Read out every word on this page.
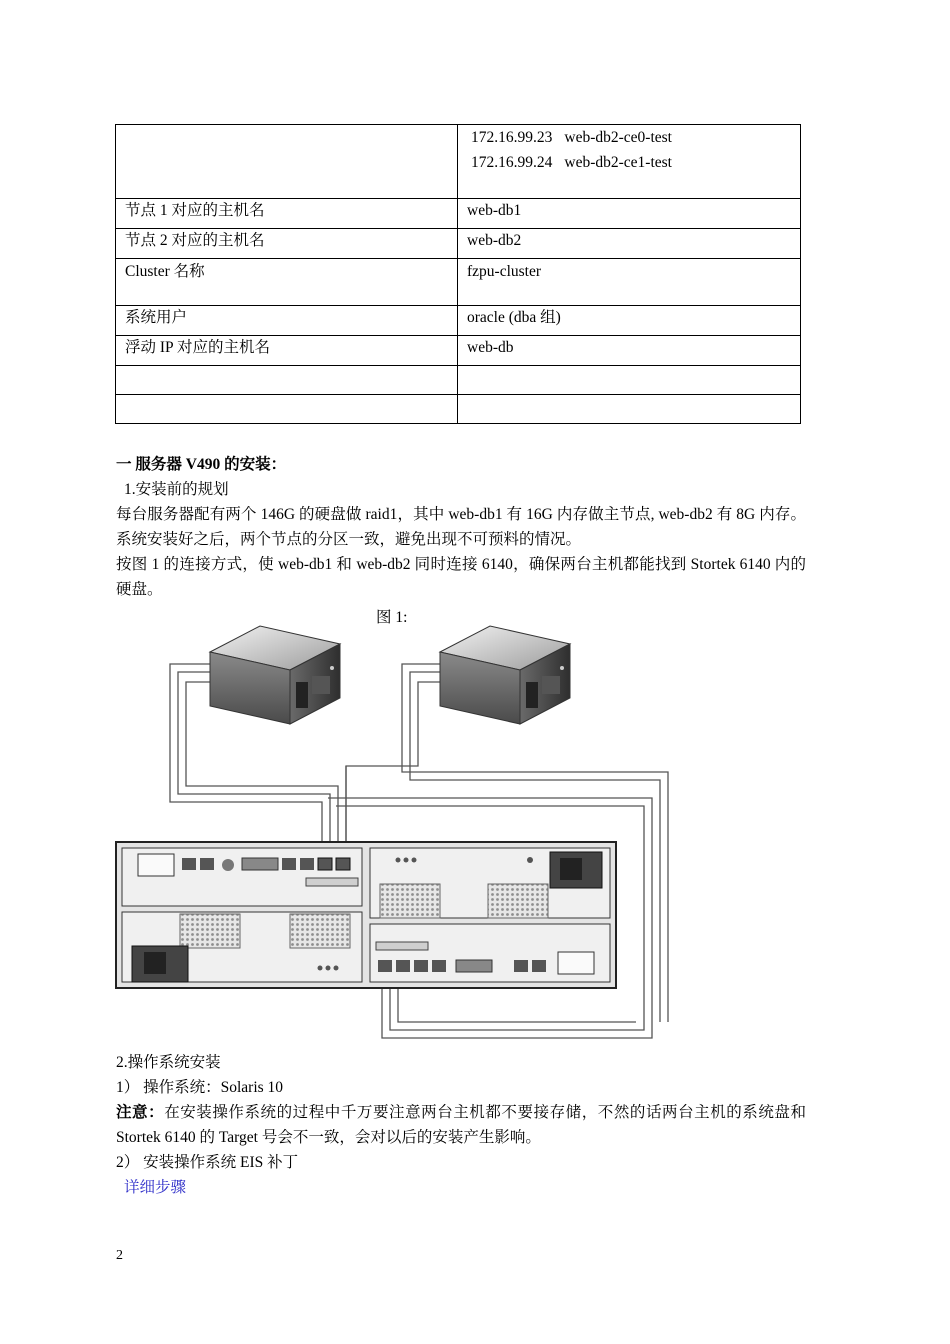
	172.16.99.23 web-db2-ce0-test
172.16.99.24 web-db2-ce1-test

节点 1 对应的主机名	web-db1
节点 2 对应的主机名	web-db2
Cluster 名称	fzpu-cluster
系统用户	oracle (dba 组)
浮动 IP 对应的主机名	web-db

一 服务器 V490 的安装：
1.安装前的规划
每台服务器配有两个 146G 的硬盘做 raid1，其中 web-db1 有 16G 内存做主节点, web-db2 有 8G 内存。系统安装好之后，两个节点的分区一致，避免出现不可预料的情况。
按图 1 的连接方式，使 web-db1 和 web-db2 同时连接 6140，确保两台主机都能找到 Stortek 6140 内的硬盘。
图 1:
2.操作系统安装
1） 操作系统：Solaris 10
注意：在安装操作系统的过程中千万要注意两台主机都不要接存储，不然的话两台主机的系统盘和 Stortek 6140 的 Target 号会不一致，会对以后的安装产生影响。
2） 安装操作系统 EIS 补丁
详细步骤
2
